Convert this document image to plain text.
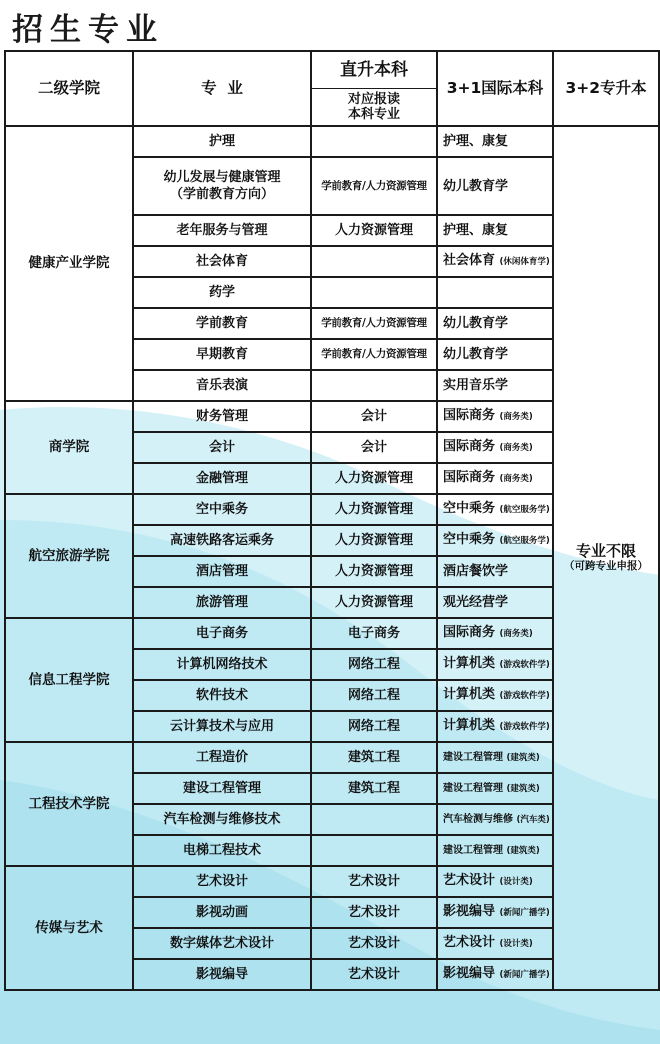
招生专业
二级学院	专  业	直升本科	3+1国际本科	3+2专升本
		对应报读
本科专业		
健康产业学院	护理		护理、康复	专业不限
（可跨专业申报）

	幼儿发展与健康管理
（学前教育方向）	学前教育/人力资源管理	幼儿教育学	
	老年服务与管理	人力资源管理	护理、康复	
	社会体育		社会体育 (休闲体育学)	
	药学			
	学前教育	学前教育/人力资源管理	幼儿教育学	
	早期教育	学前教育/人力资源管理	幼儿教育学	
	音乐表演		实用音乐学	
商学院	财务管理	会计	国际商务 (商务类)	
	会计	会计	国际商务 (商务类)	
	金融管理	人力资源管理	国际商务 (商务类)	
航空旅游学院	空中乘务	人力资源管理	空中乘务 (航空服务学)	
	高速铁路客运乘务	人力资源管理	空中乘务 (航空服务学)	
	酒店管理	人力资源管理	酒店餐饮学	
	旅游管理	人力资源管理	观光经营学	
信息工程学院	电子商务	电子商务	国际商务 (商务类)	
	计算机网络技术	网络工程	计算机类 (游戏软件学)	
	软件技术	网络工程	计算机类 (游戏软件学)	
	云计算技术与应用	网络工程	计算机类 (游戏软件学)	
工程技术学院	工程造价	建筑工程	建设工程管理 (建筑类)	
	建设工程管理	建筑工程	建设工程管理 (建筑类)	
	汽车检测与维修技术		汽车检测与维修 (汽车类)	
	电梯工程技术		建设工程管理 (建筑类)	
传媒与艺术	艺术设计	艺术设计	艺术设计 (设计类)	
	影视动画	艺术设计	影视编导 (新闻广播学)	
	数字媒体艺术设计	艺术设计	艺术设计 (设计类)	
	影视编导	艺术设计	影视编导 (新闻广播学)	
